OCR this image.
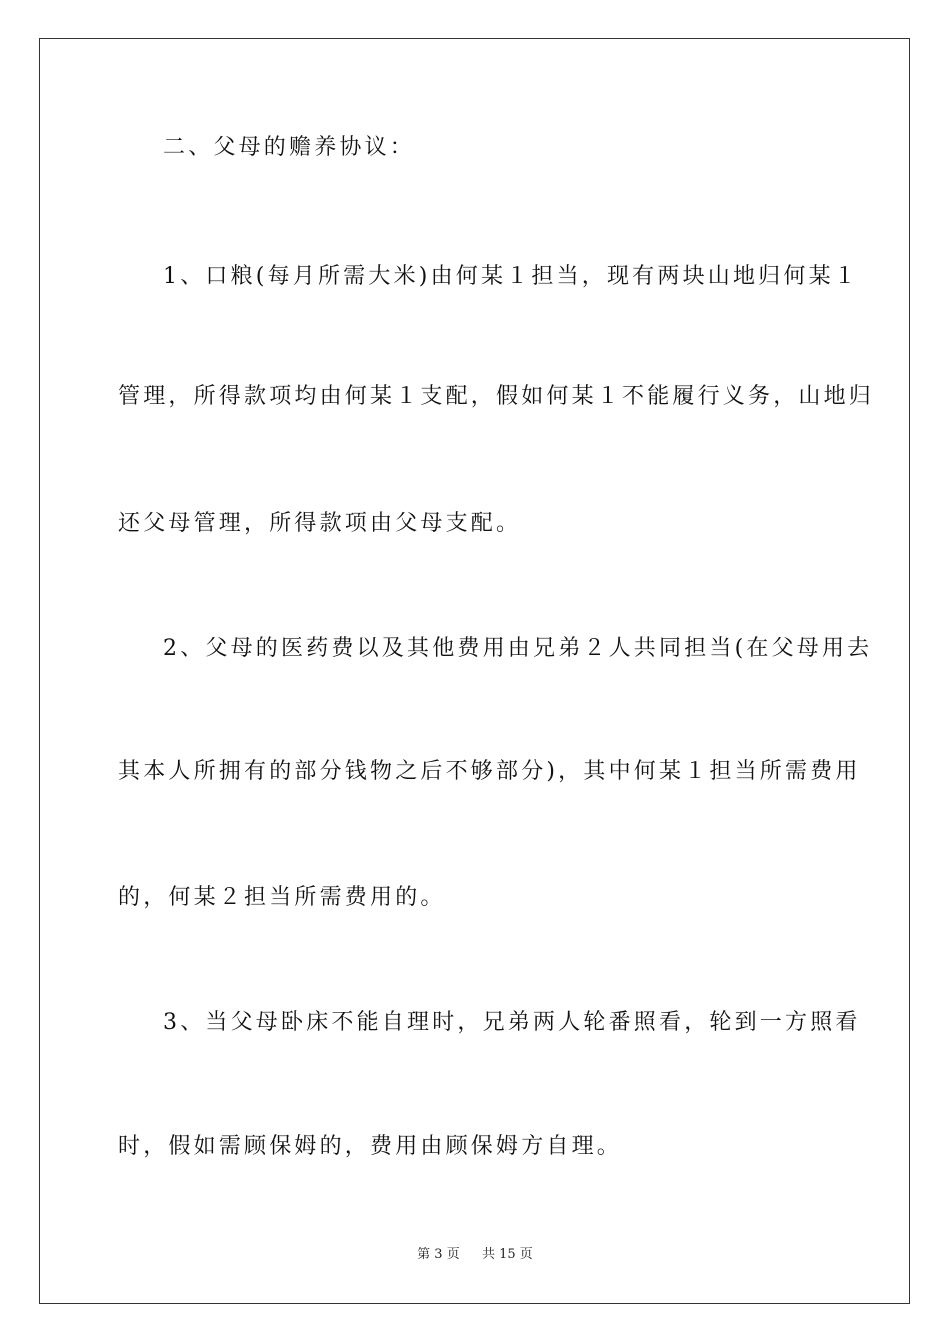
二、父母的赡养协议：
1、口粮(每月所需大米)由何某１担当，现有两块山地归何某１
管理，所得款项均由何某１支配，假如何某１不能履行义务，山地归
还父母管理，所得款项由父母支配。
2、父母的医药费以及其他费用由兄弟２人共同担当(在父母用去
其本人所拥有的部分钱物之后不够部分)，其中何某１担当所需费用
的，何某２担当所需费用的。
3、当父母卧床不能自理时，兄弟两人轮番照看，轮到一方照看
时，假如需顾保姆的，费用由顾保姆方自理。
第 3 页 共 15 页
